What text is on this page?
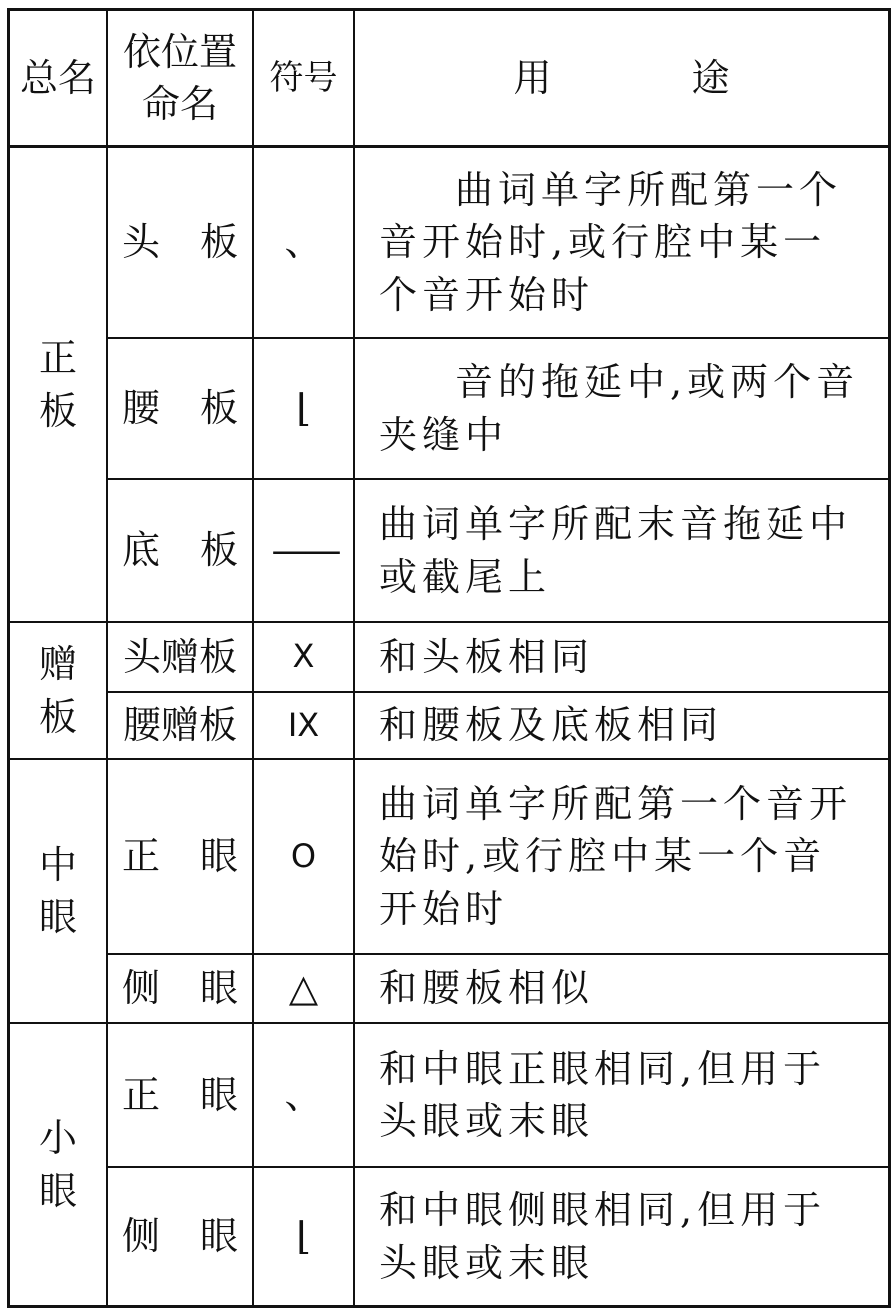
总名
依位置
命名
符号	用	途
正
板
赠
板
中
眼
小
眼
头 板 、
曲词单字所配第一个音开始时,或行腔中某一个音开始时
腰 板 ⌊
音的拖延中,或两个音夹缝中
底 板 ——
曲词单字所配末音拖延中或截尾上
头赠板 X 和头板相同
腰赠板 IX 和腰板及底板相同
正 眼 O
曲词单字所配第一个音开始时,或行腔中某一个音开始时
侧 眼 △ 和腰板相似
正 眼 、
和中眼正眼相同,但用于头眼或末眼
侧 眼 ⌊
和中眼侧眼相同,但用于头眼或末眼
